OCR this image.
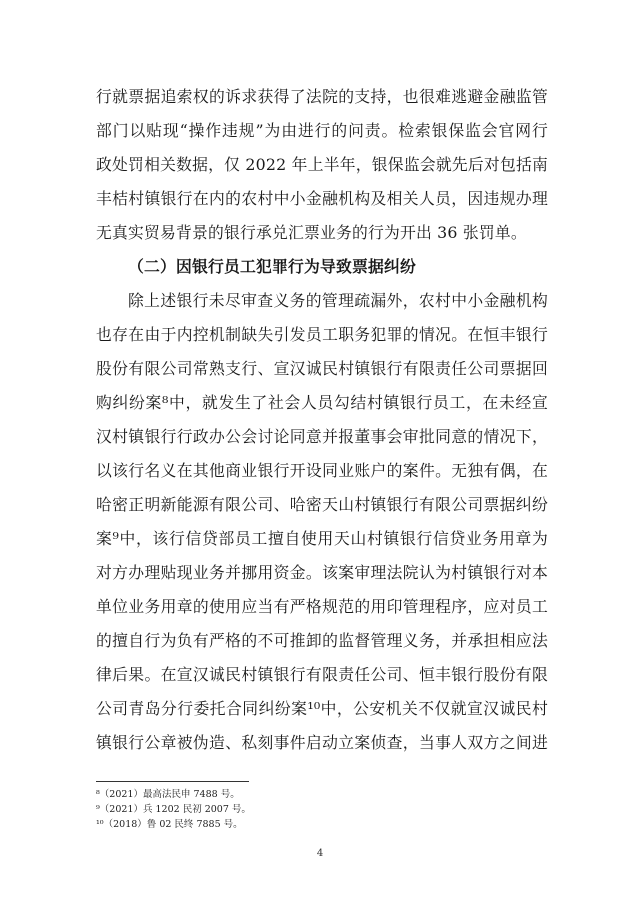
行就票据追索权的诉求获得了法院的支持，也很难逃避金融监管
部门以贴现“操作违规”为由进行的问责。检索银保监会官网行
政处罚相关数据，仅 2022 年上半年，银保监会就先后对包括南
丰桔村镇银行在内的农村中小金融机构及相关人员，因违规办理
无真实贸易背景的银行承兑汇票业务的行为开出 36 张罚单。
（二）因银行员工犯罪行为导致票据纠纷
除上述银行未尽审查义务的管理疏漏外，农村中小金融机构
也存在由于内控机制缺失引发员工职务犯罪的情况。在恒丰银行
股份有限公司常熟支行、宣汉诚民村镇银行有限责任公司票据回
购纠纷案⁸中，就发生了社会人员勾结村镇银行员工，在未经宣
汉村镇银行行政办公会讨论同意并报董事会审批同意的情况下，
以该行名义在其他商业银行开设同业账户的案件。无独有偶，在
哈密正明新能源有限公司、哈密天山村镇银行有限公司票据纠纷
案⁹中，该行信贷部员工擅自使用天山村镇银行信贷业务用章为
对方办理贴现业务并挪用资金。该案审理法院认为村镇银行对本
单位业务用章的使用应当有严格规范的用印管理程序，应对员工
的擅自行为负有严格的不可推卸的监督管理义务，并承担相应法
律后果。在宣汉诚民村镇银行有限责任公司、恒丰银行股份有限
公司青岛分行委托合同纠纷案¹⁰中，公安机关不仅就宣汉诚民村
镇银行公章被伪造、私刻事件启动立案侦查，当事人双方之间进
⁸（2021）最高法民申 7488 号。
⁹（2021）兵 1202 民初 2007 号。
¹⁰（2018）鲁 02 民终 7885 号。
4
